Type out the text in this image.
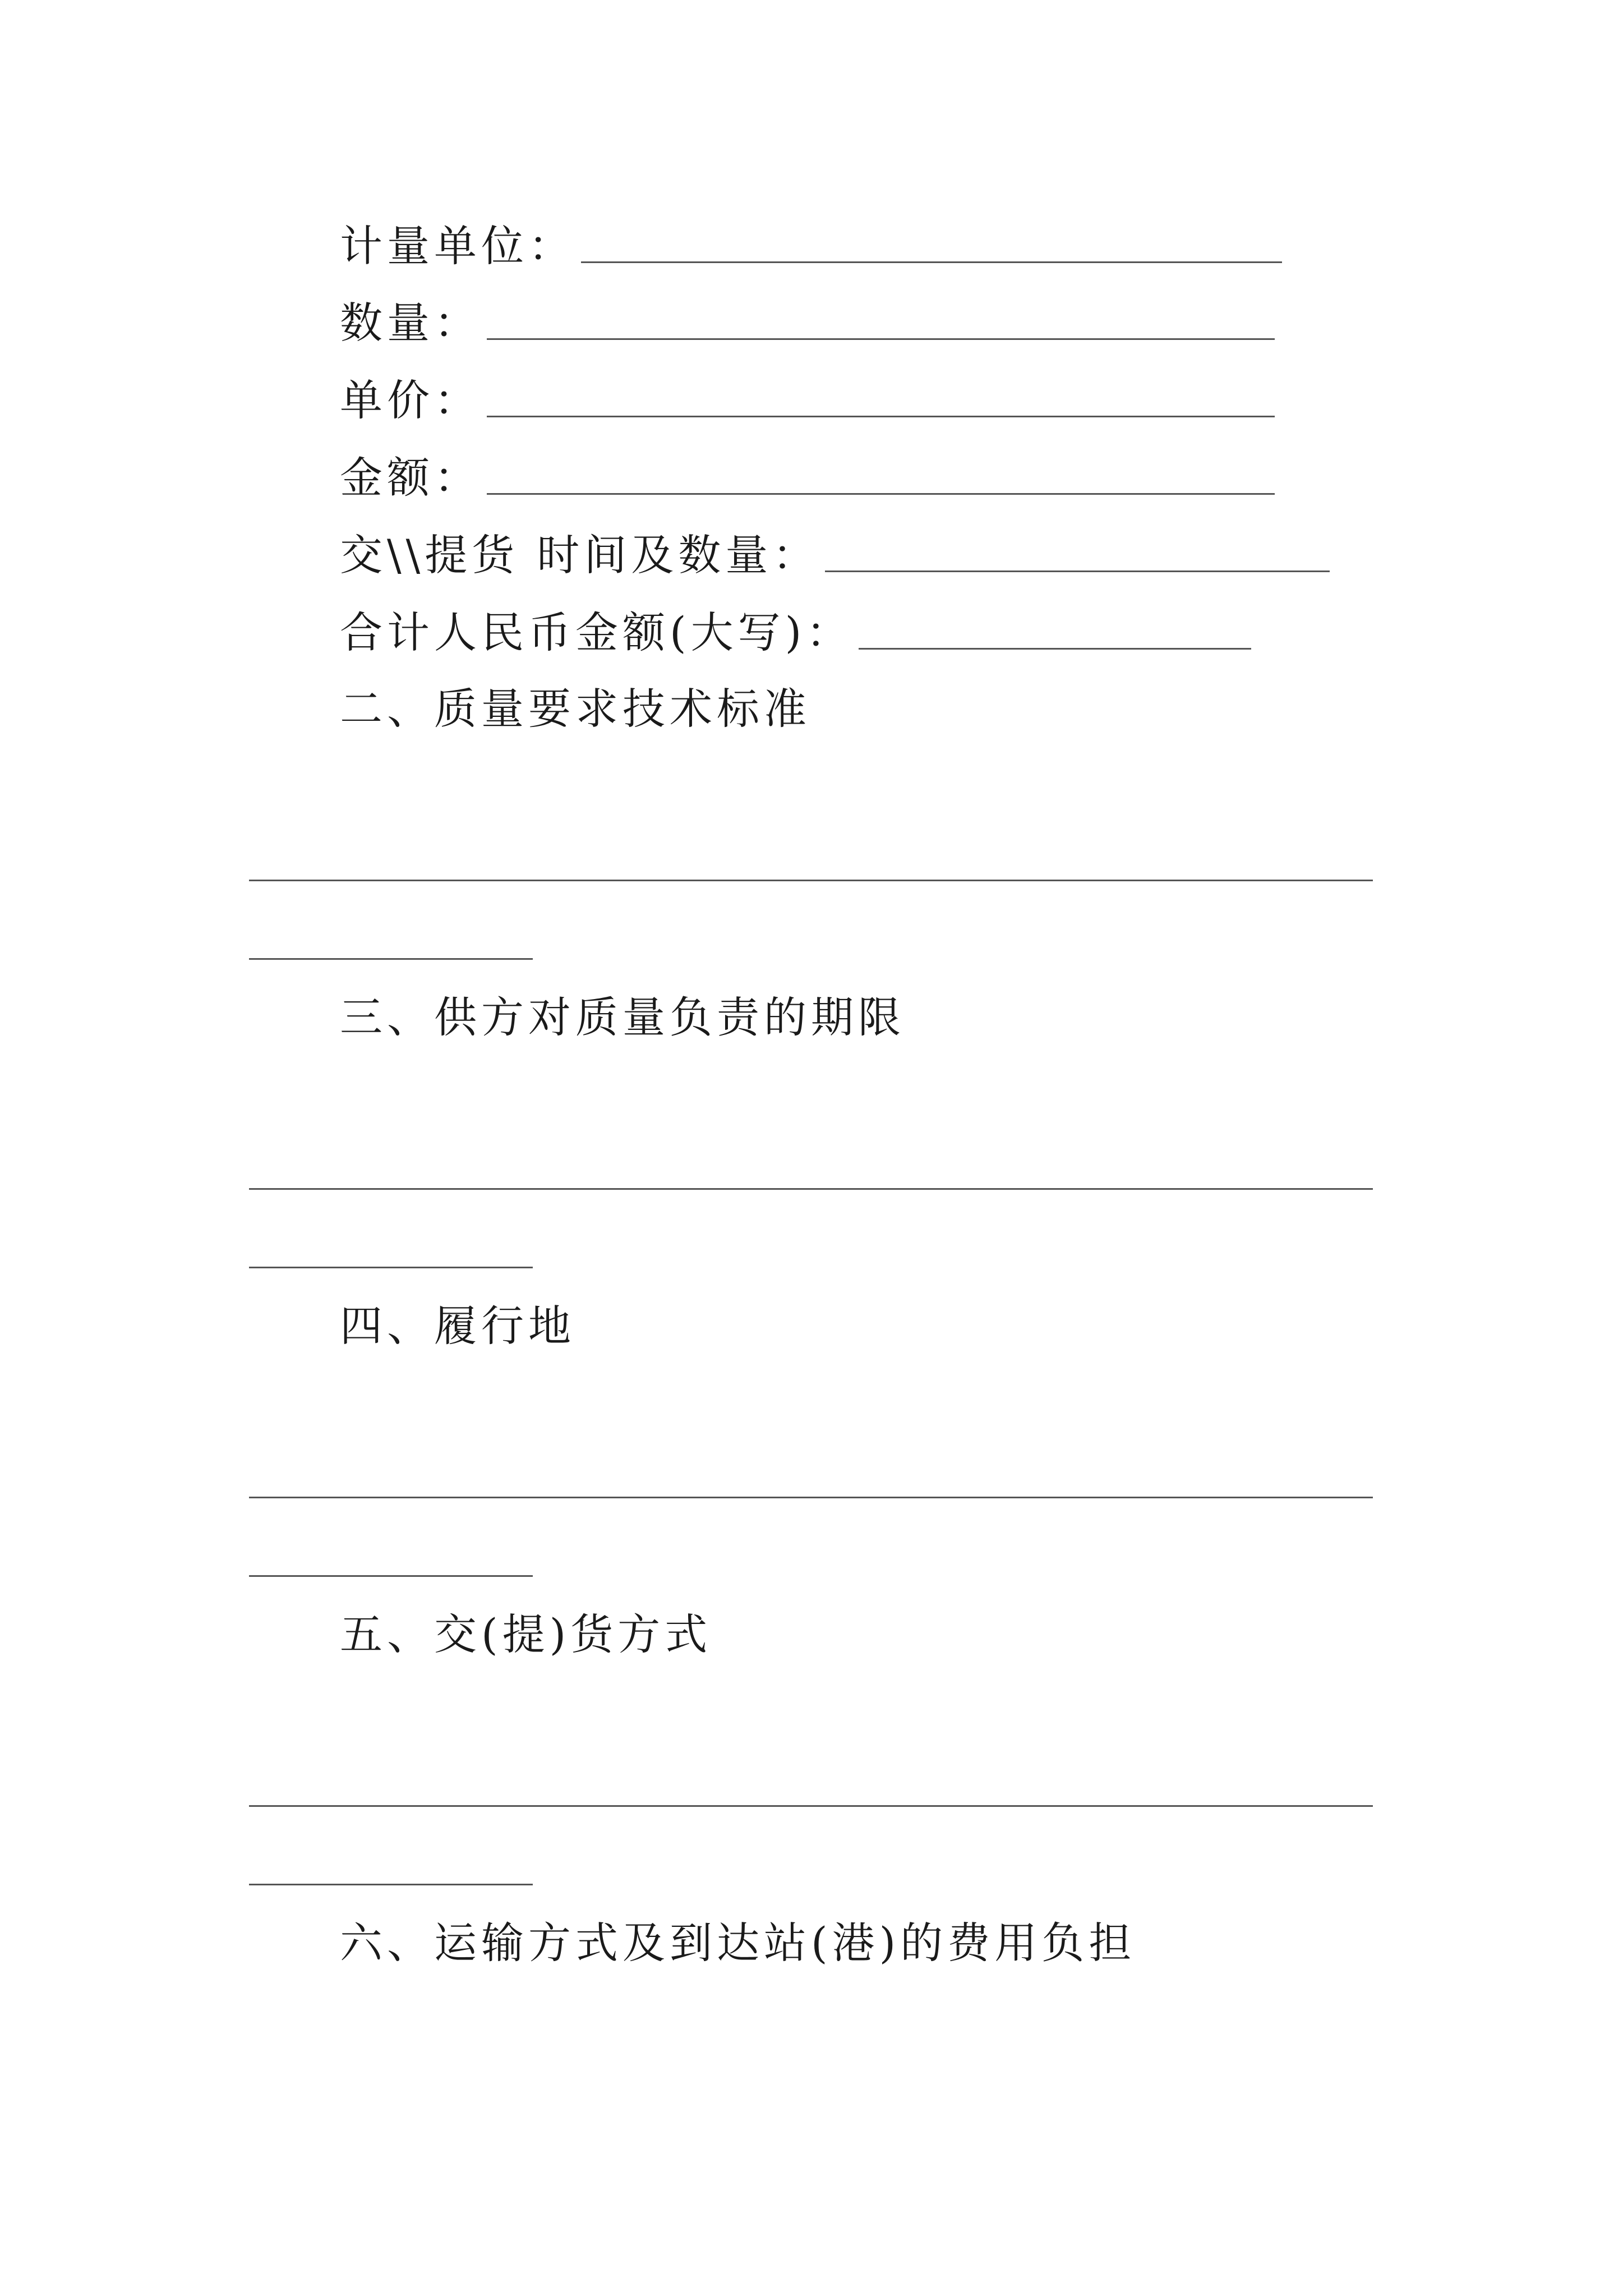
计量单位：
数量：
单价：
金额：
交\\提货 时间及数量：
合计人民币金额(大写)：
二、质量要求技术标准
三、供方对质量负责的期限
四、履行地
五、交(提)货方式
六、运输方式及到达站(港)的费用负担
